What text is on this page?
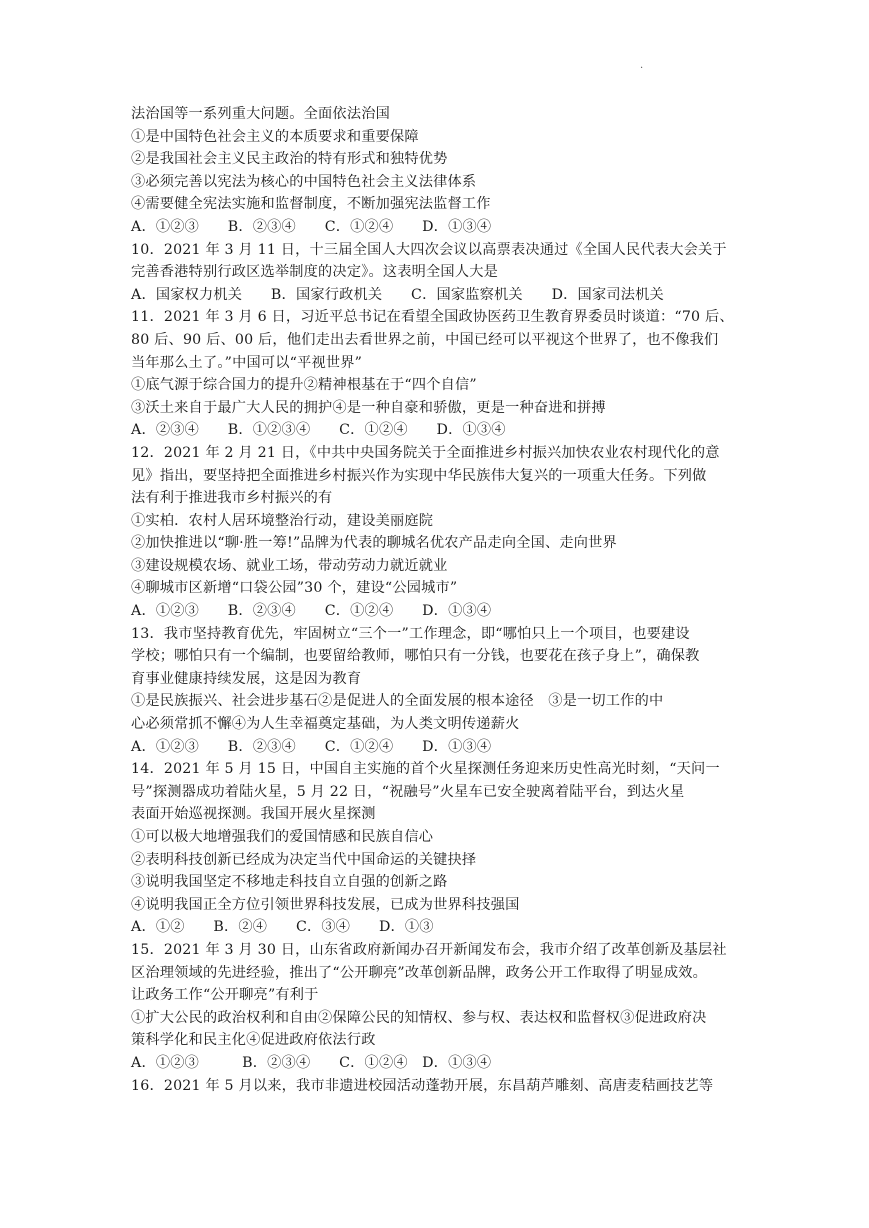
.
法治国等一系列重大问题。全面依法治国
①是中国特色社会主义的本质要求和重要保障
②是我国社会主义民主政治的特有形式和独特优势
③必须完善以宪法为核心的中国特色社会主义法律体系
④需要健全宪法实施和监督制度，不断加强宪法监督工作
A．①②③　　B．②③④　　C．①②④　　D．①③④
10．2021 年 3 月 11 日，十三届全国人大四次会议以高票表决通过《全国人民代表大会关于
完善香港特别行政区选举制度的决定》。这表明全国人大是
A．国家权力机关　　B．国家行政机关　　C．国家监察机关　　D．国家司法机关
11．2021 年 3 月 6 日，习近平总书记在看望全国政协医药卫生教育界委员时谈道：“70 后、
80 后、90 后、00 后，他们走出去看世界之前，中国已经可以平视这个世界了，也不像我们
当年那么土了。”中国可以“平视世界”
①底气源于综合国力的提升②精神根基在于“四个自信”
③沃土来自于最广大人民的拥护④是一种自豪和骄傲，更是一种奋进和拼搏
A．②③④　　B．①②③④　　C．①②④　　D．①③④
12．2021 年 2 月 21 日，《中共中央国务院关于全面推进乡村振兴加快农业农村现代化的意
见》指出，要坚持把全面推进乡村振兴作为实现中华民族伟大复兴的一项重大任务。下列做
法有利于推进我市乡村振兴的有
①实柏．农村人居环境整治行动，建设美丽庭院
②加快推进以“聊·胜一筹!”品牌为代表的聊城名优农产品走向全国、走向世界
③建设规模农场、就业工场，带动劳动力就近就业
④聊城市区新增“口袋公园”30 个，建设“公园城市”
A．①②③　　B．②③④　　C．①②④　　D．①③④
13．我市坚持教育优先，牢固树立“三个一”工作理念，即“哪怕只上一个项目，也要建设
学校；哪怕只有一个编制，也要留给教师，哪怕只有一分钱，也要花在孩子身上”，确保教
育事业健康持续发展，这是因为教育
①是民族振兴、社会进步基石②是促进人的全面发展的根本途径　③是一切工作的中
心必须常抓不懈④为人生幸福奠定基础，为人类文明传递薪火
A．①②③　　B．②③④　　C．①②④　　D．①③④
14．2021 年 5 月 15 日，中国自主实施的首个火星探测任务迎来历史性高光时刻，“天问一
号”探测器成功着陆火星，5 月 22 日，“祝融号”火星车已安全驶离着陆平台，到达火星
表面开始巡视探测。我国开展火星探测
①可以极大地增强我们的爱国情感和民族自信心
②表明科技创新已经成为决定当代中国命运的关键抉择
③说明我国坚定不移地走科技自立自强的创新之路
④说明我国正全方位引领世界科技发展，已成为世界科技强国
A．①②　　B．②④　　C．③④　　D．①③
15．2021 年 3 月 30 日，山东省政府新闻办召开新闻发布会，我市介绍了改革创新及基层社
区治理领域的先进经验，推出了“公开聊亮”改革创新品牌，政务公开工作取得了明显成效。
让政务工作“公开聊亮”有利于
①扩大公民的政治权利和自由②保障公民的知情权、参与权、表达权和监督权③促进政府决
策科学化和民主化④促进政府依法行政
A．①②③　　　B．②③④　　C．①②④　D．①③④
16．2021 年 5 月以来，我市非遗进校园活动蓬勃开展，东昌葫芦雕刻、高唐麦秸画技艺等
